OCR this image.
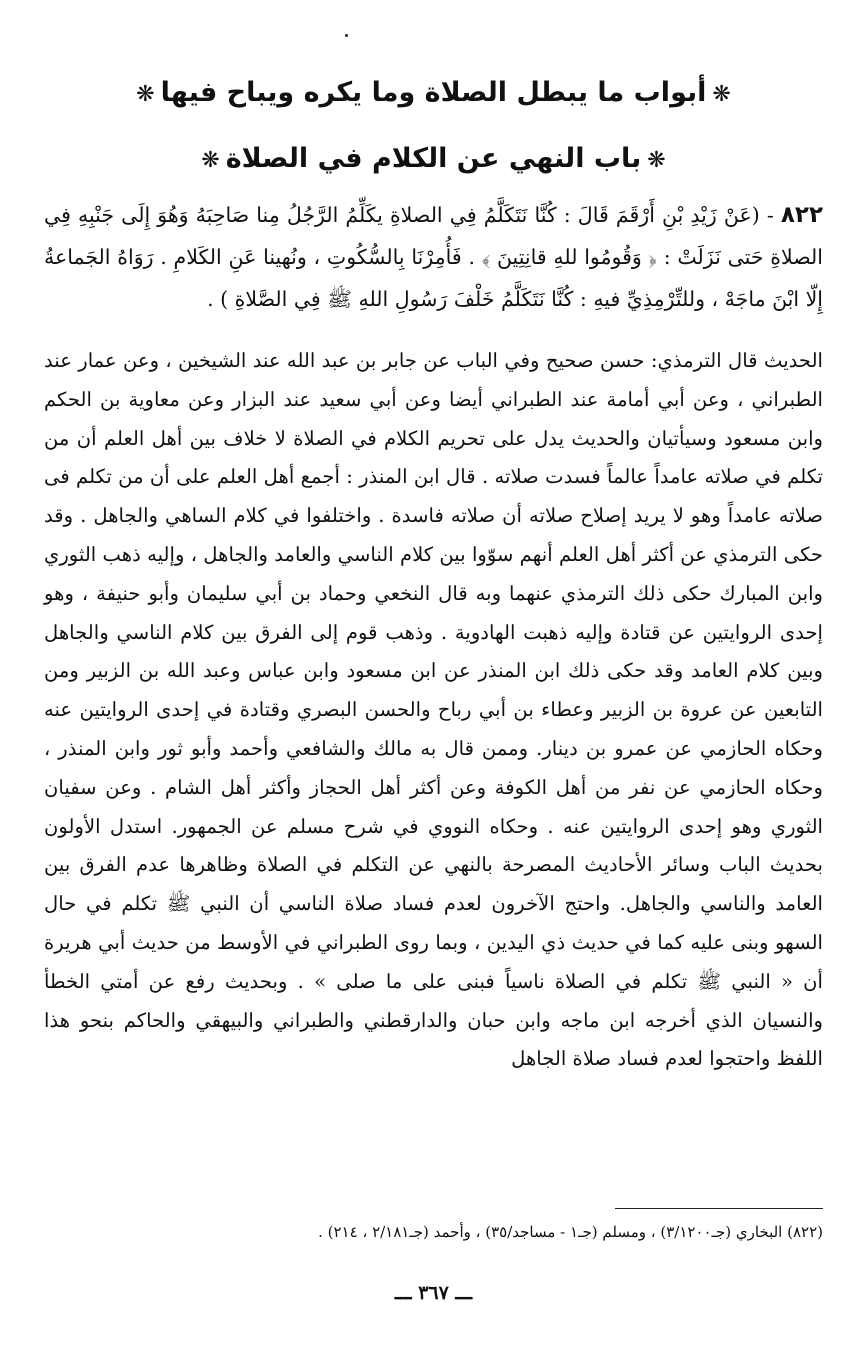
❋أبواب ما يبطل الصلاة وما يكره ويباح فيها❋
❋باب النهي عن الكلام في الصلاة❋

٨٢٢ - (عَنْ زَيْدِ بْنِ أَرْقَمَ قَالَ : كُنَّا نَتَكَلَّمُ فِي الصلاةِ يكَلِّمُ الرَّجُلُ مِنا صَاحِبَهُ وَهُوَ إِلَى جَنْبِهِ فِي الصلاةِ حَتى نَزَلَتْ : ﴿ وَقُومُوا للهِ قانِتِينَ ﴾ . فَأُمِرْنَا بِالسُّكُوتِ ، ونُهينا عَنِ الكَلامِ . رَوَاهُ الجَماعةُ إِلّا ابْنَ ماجَهْ ، وللتِّرْمِذِيِّ فيهِ : كُنَّا نَتَكَلَّمُ خَلْفَ رَسُولِ اللهِ ﷺ فِي الصَّلاةِ ) .

الحديث قال الترمذي: حسن صحيح وفي الباب عن جابر بن عبد الله عند الشيخين ، وعن عمار عند الطبراني ، وعن أبي أمامة عند الطبراني أيضا وعن أبي سعيد عند البزار وعن معاوية بن الحكم وابن مسعود وسيأتيان والحديث يدل على تحريم الكلام في الصلاة لا خلاف بين أهل العلم أن من تكلم في صلاته عامداً عالماً فسدت صلاته . قال ابن المنذر : أجمع أهل العلم على أن من تكلم فى صلاته عامداً وهو لا يريد إصلاح صلاته أن صلاته فاسدة . واختلفوا في كلام الساهي والجاهل . وقد حكى الترمذي عن أكثر أهل العلم أنهم سوّوا بين كلام الناسي والعامد والجاهل ، وإليه ذهب الثوري وابن المبارك حكى ذلك الترمذي عنهما وبه قال النخعي وحماد بن أبي سليمان وأبو حنيفة ، وهو إحدى الروايتين عن قتادة وإليه ذهبت الهادوية . وذهب قوم إلى الفرق بين كلام الناسي والجاهل وبين كلام العامد وقد حكى ذلك ابن المنذر عن ابن مسعود وابن عباس وعبد الله بن الزبير ومن التابعين عن عروة بن الزبير وعطاء بن أبي رباح والحسن البصري وقتادة في إحدى الروايتين عنه وحكاه الحازمي عن عمرو بن دينار. وممن قال به مالك والشافعي وأحمد وأبو ثور وابن المنذر ، وحكاه الحازمي عن نفر من أهل الكوفة وعن أكثر أهل الحجاز وأكثر أهل الشام . وعن سفيان الثوري وهو إحدى الروايتين عنه . وحكاه النووي في شرح مسلم عن الجمهور. استدل الأولون بحديث الباب وسائر الأحاديث المصرحة بالنهي عن التكلم في الصلاة وظاهرها عدم الفرق بين العامد والناسي والجاهل. واحتج الآخرون لعدم فساد صلاة الناسي أن النبي ﷺ تكلم في حال السهو وبنى عليه كما في حديث ذي اليدين ، وبما روى الطبراني في الأوسط من حديث أبي هريرة أن « النبي ﷺ تكلم في الصلاة ناسياً فبنى على ما صلى » . وبحديث رفع عن أمتي الخطأ والنسيان الذي أخرجه ابن ماجه وابن حبان والدارقطني والطبراني والبيهقي والحاكم بنحو هذا اللفظ واحتجوا لعدم فساد صلاة الجاهل

(٨٢٢) البخاري (جـ٣/١٢٠٠) ، ومسلم (جـ١ - مساجد/٣٥) ، وأحمد (جـ٢/١٨١ ، ٢١٤) .
ـــ ٣٦٧ ـــ
